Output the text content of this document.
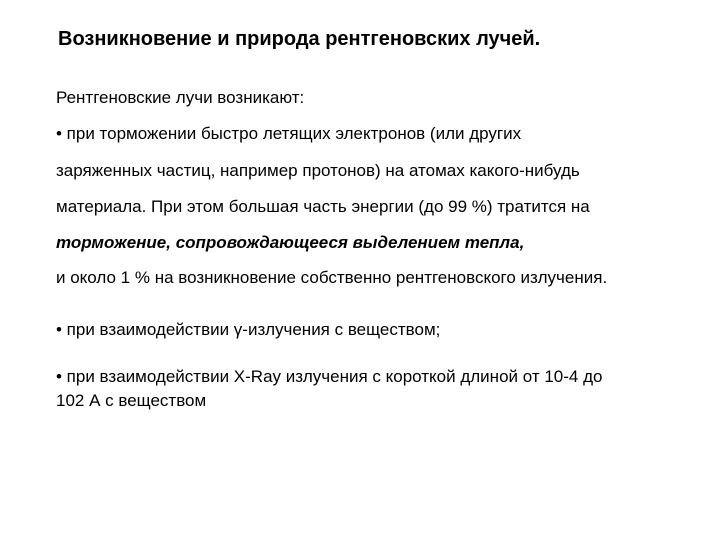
Возникновение и природа рентгеновских лучей.
Рентгеновские лучи возникают:
• при торможении быстро летящих электронов (или других
заряженных частиц, например протонов) на атомах какого-нибудь
материала. При этом большая часть энергии (до 99 %) тратится на
торможение, сопровождающееся выделением тепла,
и около 1 % на возникновение собственно рентгеновского излучения.
• при взаимодействии γ-излучения с веществом;
• при взаимодействии X-Ray излучения с короткой длиной от 10-4 до
102 А с веществом
